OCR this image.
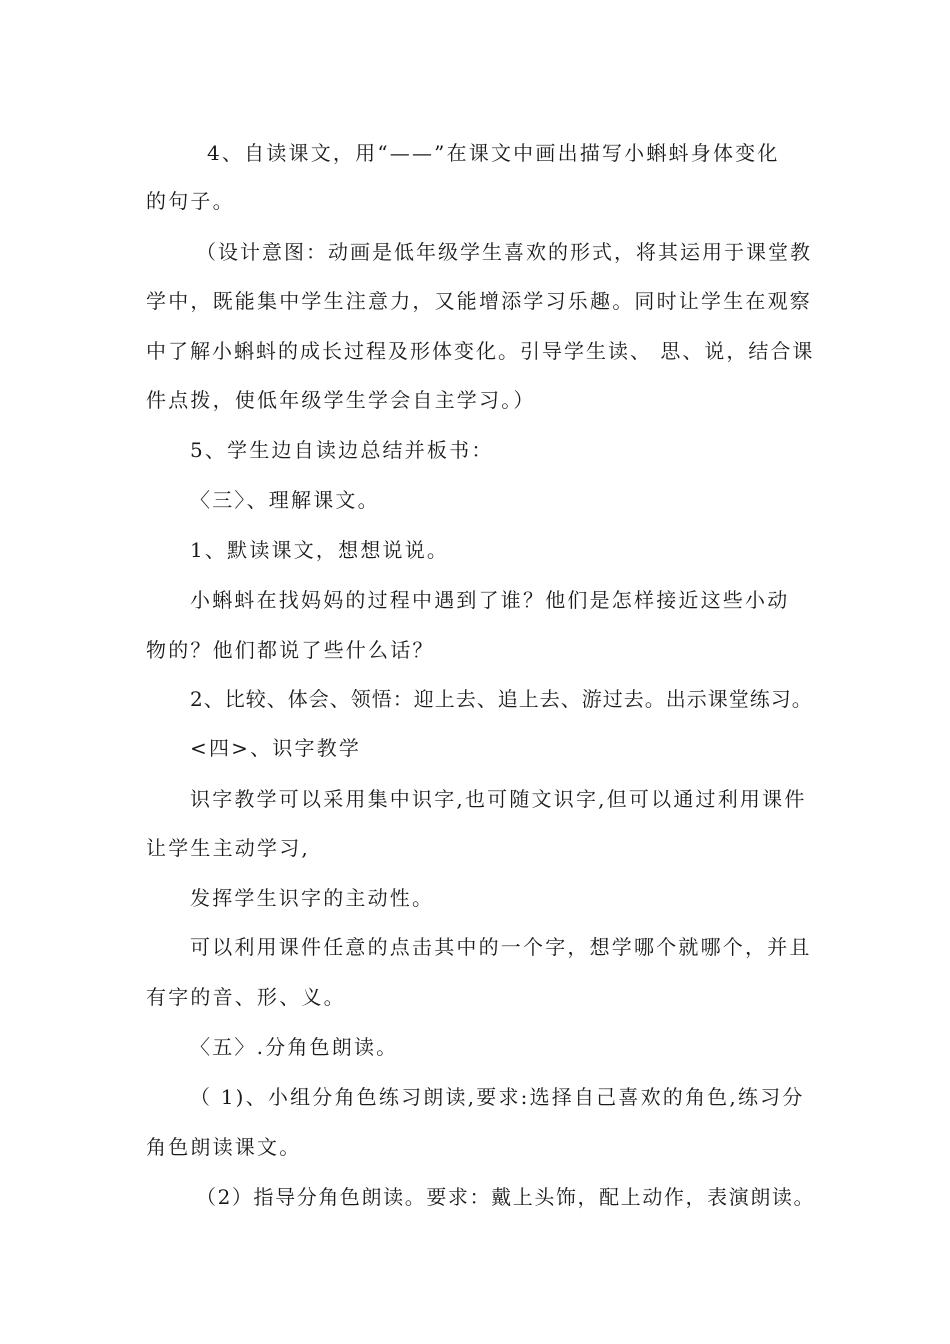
4、自读课文，用“——”在课文中画出描写小蝌蚪身体变化
的句子。
（设计意图：动画是低年级学生喜欢的形式，将其运用于课堂教
学中，既能集中学生注意力，又能增添学习乐趣。同时让学生在观察
中了解小蝌蚪的成长过程及形体变化。引导学生读、 思、说，结合课
件点拨，使低年级学生学会自主学习。）
5、学生边自读边总结并板书：
〈三〉、理解课文。
1、默读课文，想想说说。
小蝌蚪在找妈妈的过程中遇到了谁？他们是怎样接近这些小动
物的？他们都说了些什么话？
2、比较、体会、领悟：迎上去、追上去、游过去。出示课堂练习。
<四>、识字教学
识字教学可以采用集中识字,也可随文识字,但可以通过利用课件
让学生主动学习,
发挥学生识字的主动性。
可以利用课件任意的点击其中的一个字，想学哪个就哪个，并且
有字的音、形、义。
〈五〉.分角色朗读。
（ 1)、小组分角色练习朗读,要求:选择自己喜欢的角色,练习分
角色朗读课文。
（2）指导分角色朗读。要求：戴上头饰，配上动作，表演朗读。
